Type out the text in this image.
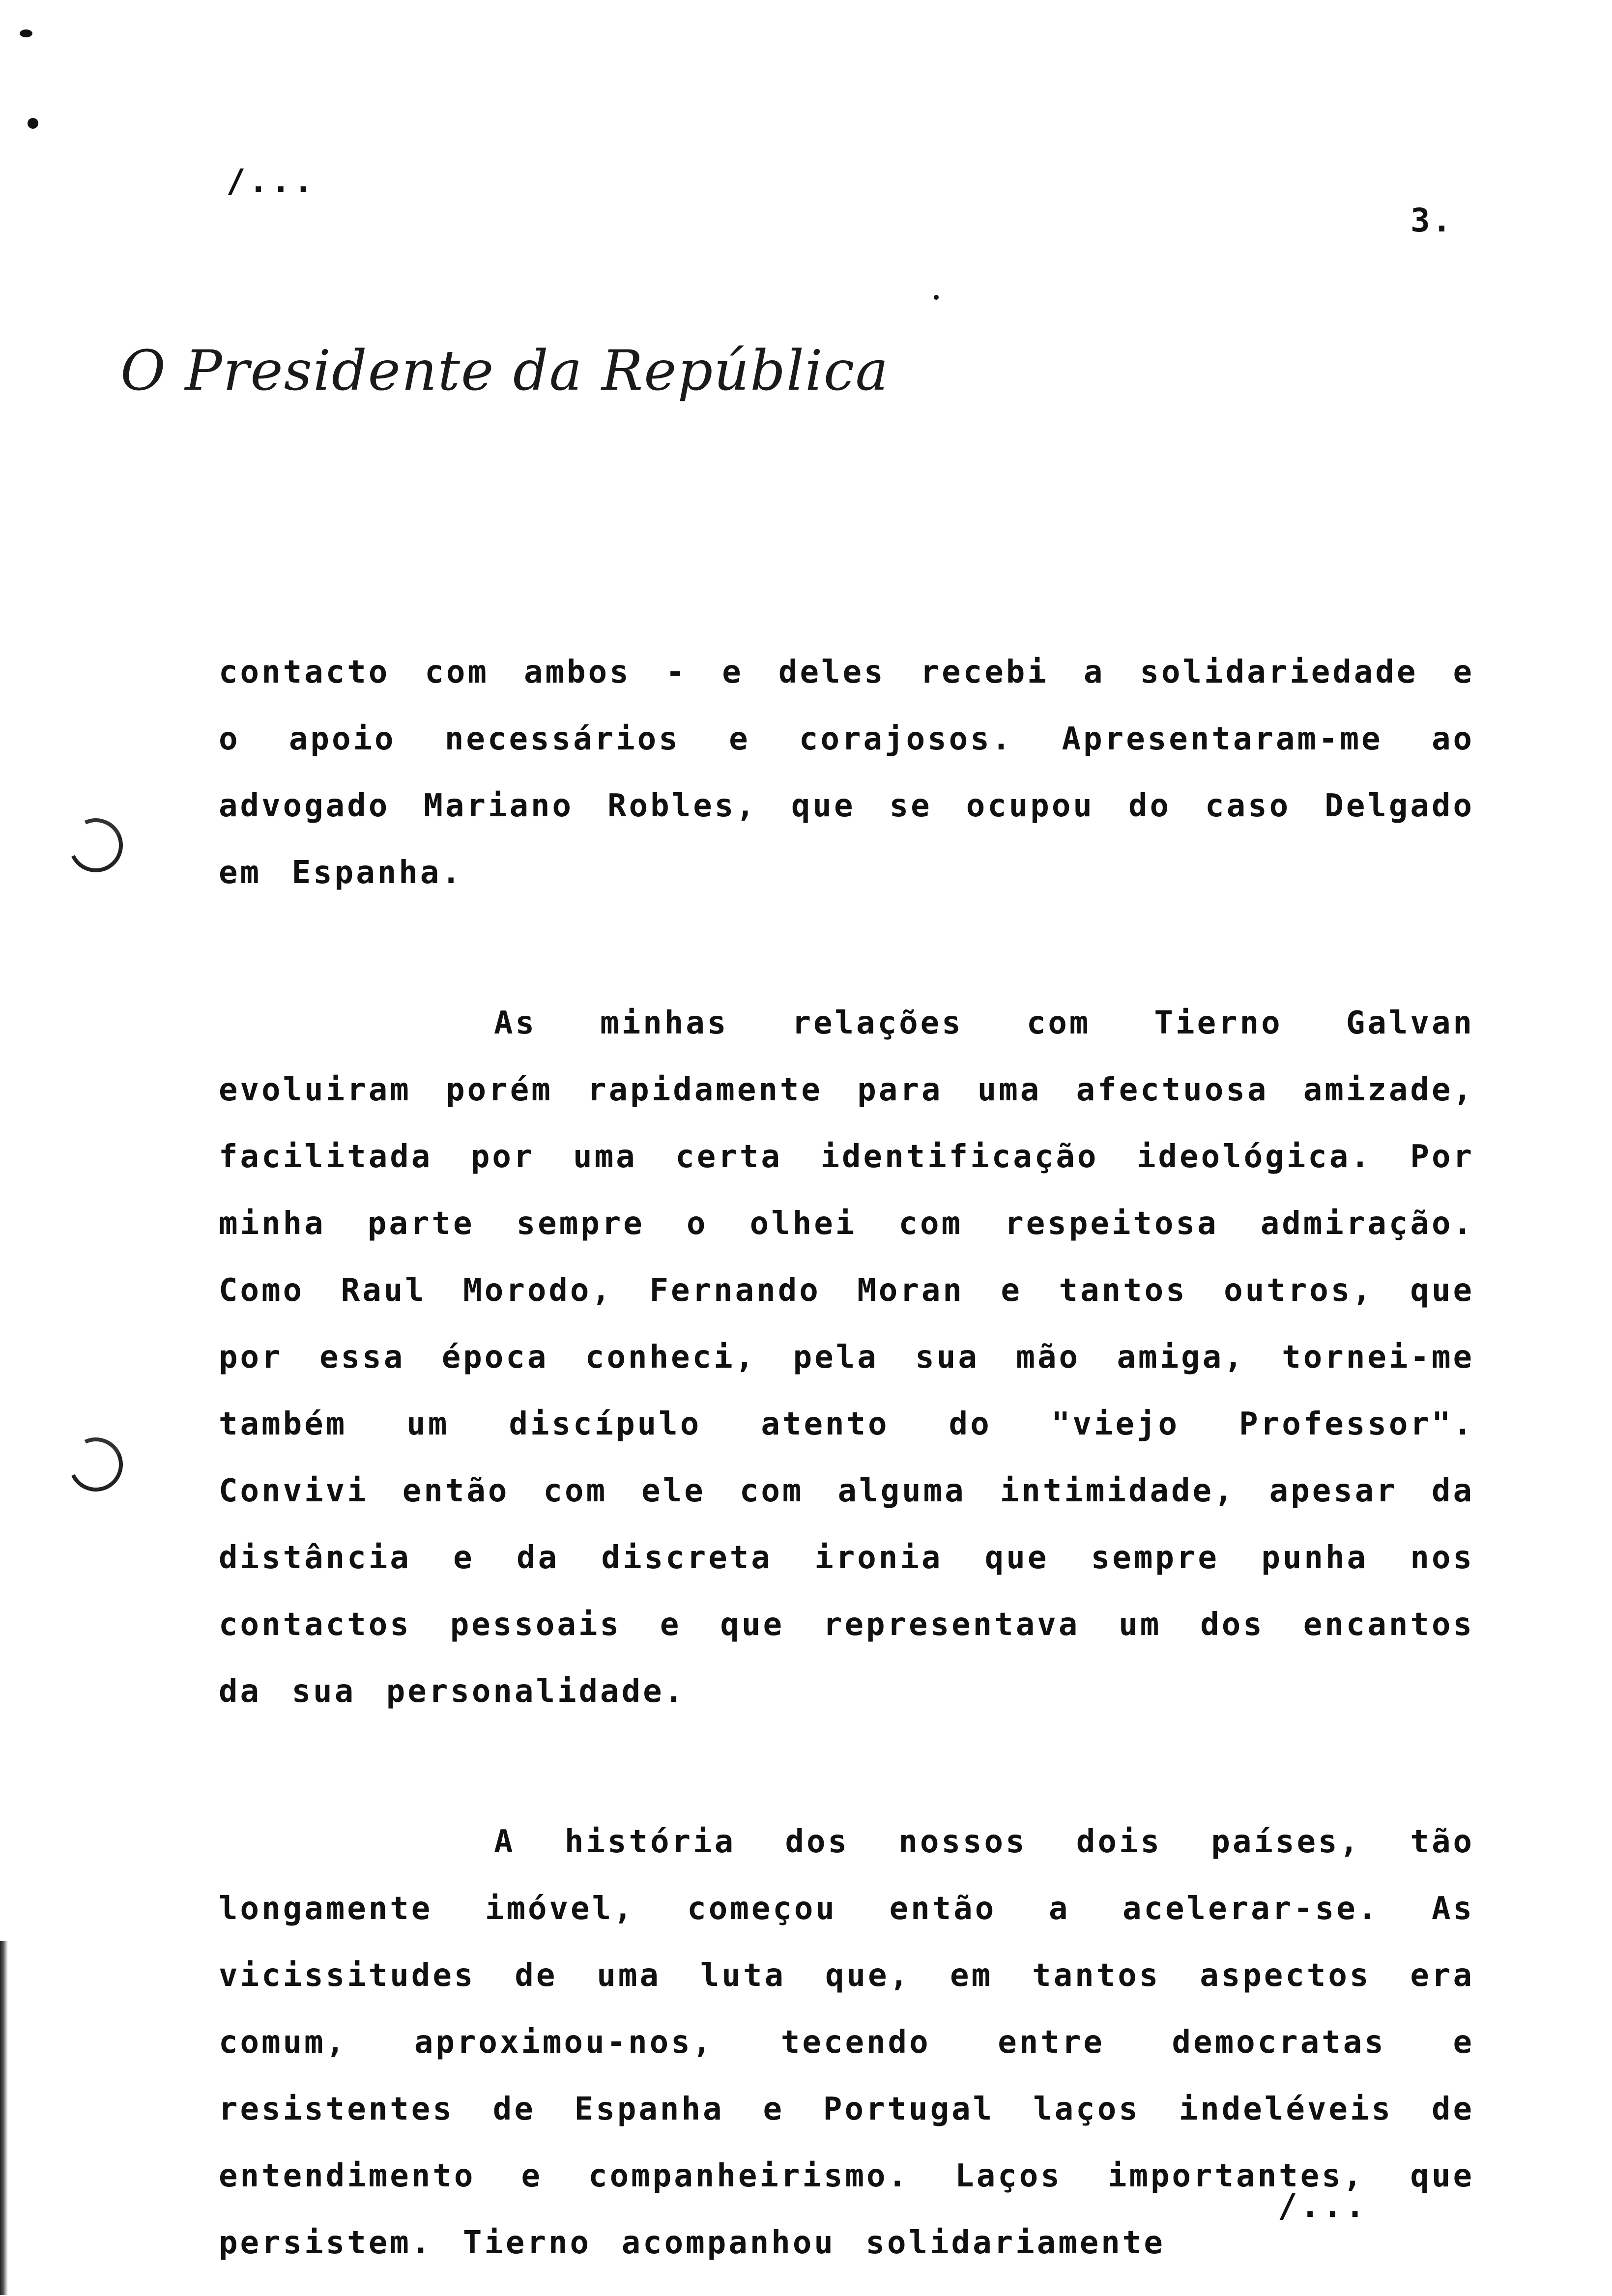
/...
3.
O Presidente da República

contacto com ambos - e deles recebi a solidariedade e o apoio necessários e corajosos. Apresentaram-me ao advogado Mariano Robles, que se ocupou do caso Delgado em Espanha.

As minhas relações com Tierno Galvan evoluiram porém rapidamente para uma afectuosa amizade, facilitada por uma certa identificação ideológica. Por minha parte sempre o olhei com respeitosa admiração. Como Raul Morodo, Fernando Moran e tantos outros, que por essa época conheci, pela sua mão amiga, tornei-me também um discípulo atento do "viejo Professor". Convivi então com ele com alguma intimidade, apesar da distância e da discreta ironia que sempre punha nos contactos pessoais e que representava um dos encantos da sua personalidade.

A história dos nossos dois países, tão longamente imóvel, começou então a acelerar-se. As vicissitudes de uma luta que, em tantos aspectos era comum, aproximou-nos, tecendo entre democratas e resistentes de Espanha e Portugal laços indeléveis de entendimento e companheirismo. Laços importantes, que persistem. Tierno acompanhou solidariamente

/...
